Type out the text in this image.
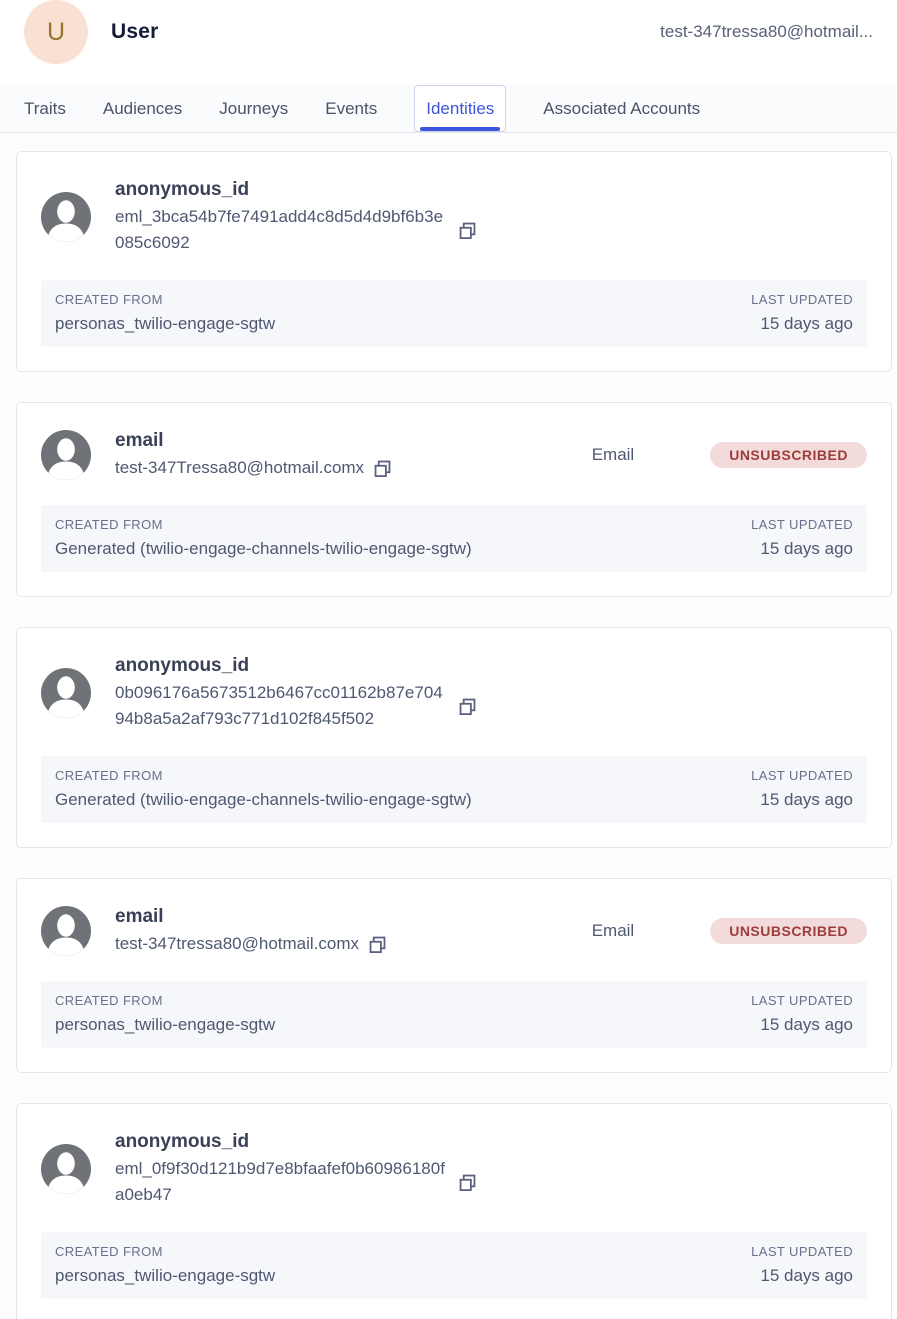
U	User	test-347tressa80@hotmail...
Traits Audiences Journeys Events	Identities	Associated Accounts
anonymous_id
eml_3bca54b7fe7491add4c8d5d4d9bf6b3e085c6092
CREATED FROM
personas_twilio-engage-sgtw
LAST UPDATED
15 days ago
email
test-347Tressa80@hotmail.comx
Email	UNSUBSCRIBED
CREATED FROM
Generated (twilio-engage-channels-twilio-engage-sgtw)
LAST UPDATED
15 days ago
anonymous_id
0b096176a5673512b6467cc01162b87e70494b8a5a2af793c771d102f845f502
CREATED FROM
Generated (twilio-engage-channels-twilio-engage-sgtw)
LAST UPDATED
15 days ago
email
test-347tressa80@hotmail.comx
Email	UNSUBSCRIBED
CREATED FROM
personas_twilio-engage-sgtw
LAST UPDATED
15 days ago
anonymous_id
eml_0f9f30d121b9d7e8bfaafef0b60986180fa0eb47
CREATED FROM
personas_twilio-engage-sgtw
LAST UPDATED
15 days ago
